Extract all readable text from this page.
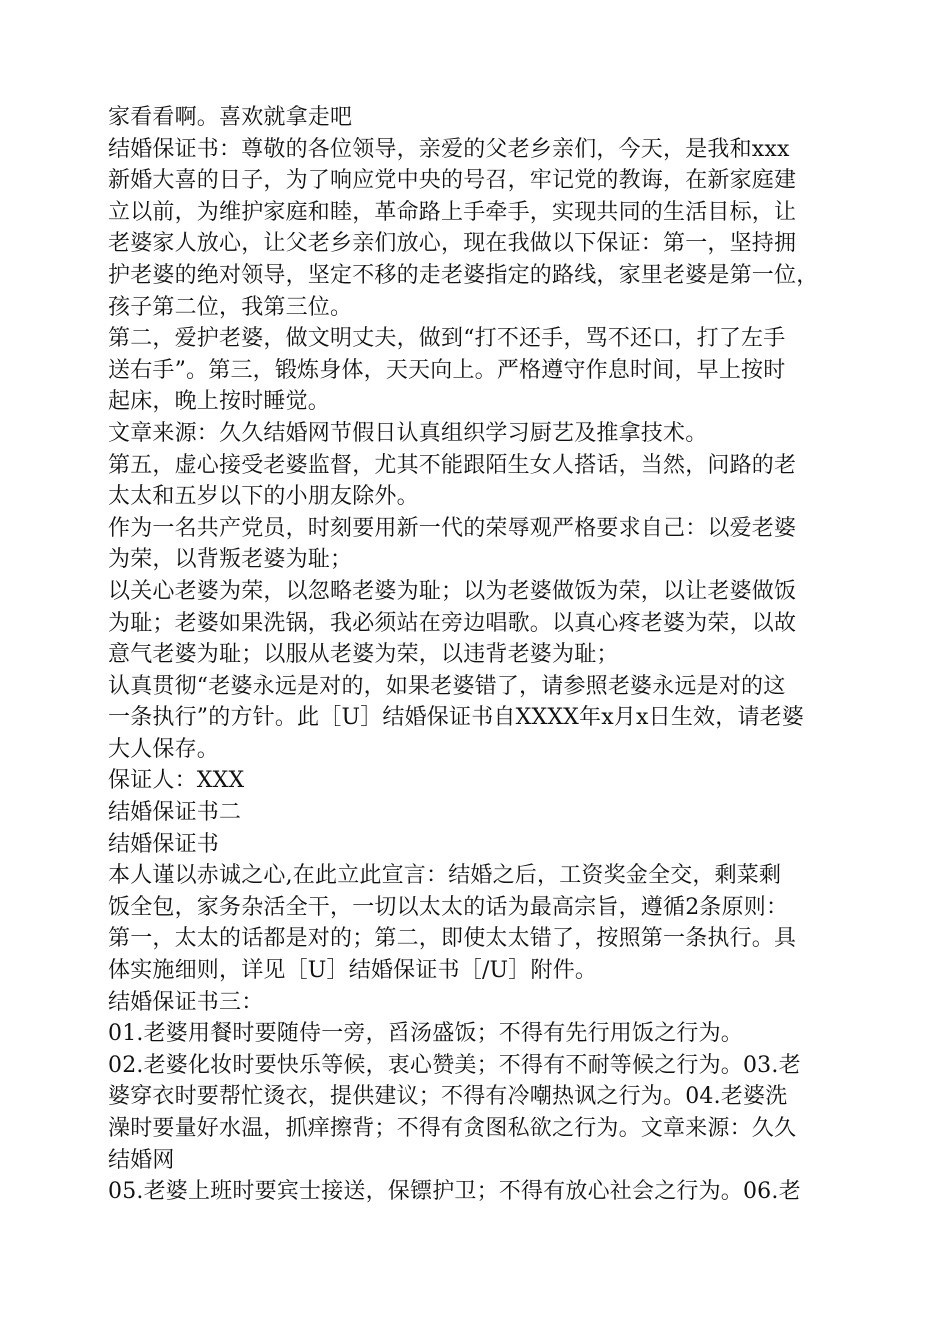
家看看啊。喜欢就拿走吧
结婚保证书：尊敬的各位领导，亲爱的父老乡亲们，今天，是我和xxx
新婚大喜的日子，为了响应党中央的号召，牢记党的教诲，在新家庭建
立以前，为维护家庭和睦，革命路上手牵手，实现共同的生活目标，让
老婆家人放心，让父老乡亲们放心，现在我做以下保证：第一，坚持拥
护老婆的绝对领导，坚定不移的走老婆指定的路线，家里老婆是第一位，
孩子第二位，我第三位。
第二，爱护老婆，做文明丈夫，做到“打不还手，骂不还口，打了左手
送右手”。第三，锻炼身体，天天向上。严格遵守作息时间，早上按时
起床，晚上按时睡觉。
文章来源：久久结婚网节假日认真组织学习厨艺及推拿技术。
第五，虚心接受老婆监督，尤其不能跟陌生女人搭话，当然，问路的老
太太和五岁以下的小朋友除外。
作为一名共产党员，时刻要用新一代的荣辱观严格要求自己：以爱老婆
为荣，以背叛老婆为耻；
以关心老婆为荣，以忽略老婆为耻；以为老婆做饭为荣，以让老婆做饭
为耻；老婆如果洗锅，我必须站在旁边唱歌。以真心疼老婆为荣，以故
意气老婆为耻；以服从老婆为荣，以违背老婆为耻；
认真贯彻“老婆永远是对的，如果老婆错了，请参照老婆永远是对的这
一条执行”的方针。此［U］结婚保证书自XXXX年x月x日生效，请老婆
大人保存。
保证人：XXX
结婚保证书二
结婚保证书
本人谨以赤诚之心,在此立此宣言：结婚之后，工资奖金全交，剩菜剩
饭全包，家务杂活全干，一切以太太的话为最高宗旨，遵循2条原则：
第一，太太的话都是对的；第二，即使太太错了，按照第一条执行。具
体实施细则，详见［U］结婚保证书［/U］附件。
结婚保证书三：
01.老婆用餐时要随侍一旁，舀汤盛饭；不得有先行用饭之行为。
02.老婆化妆时要快乐等候，衷心赞美；不得有不耐等候之行为。03.老
婆穿衣时要帮忙烫衣，提供建议；不得有冷嘲热讽之行为。04.老婆洗
澡时要量好水温，抓痒擦背；不得有贪图私欲之行为。文章来源：久久
结婚网
05.老婆上班时要宾士接送，保镖护卫；不得有放心社会之行为。06.老
